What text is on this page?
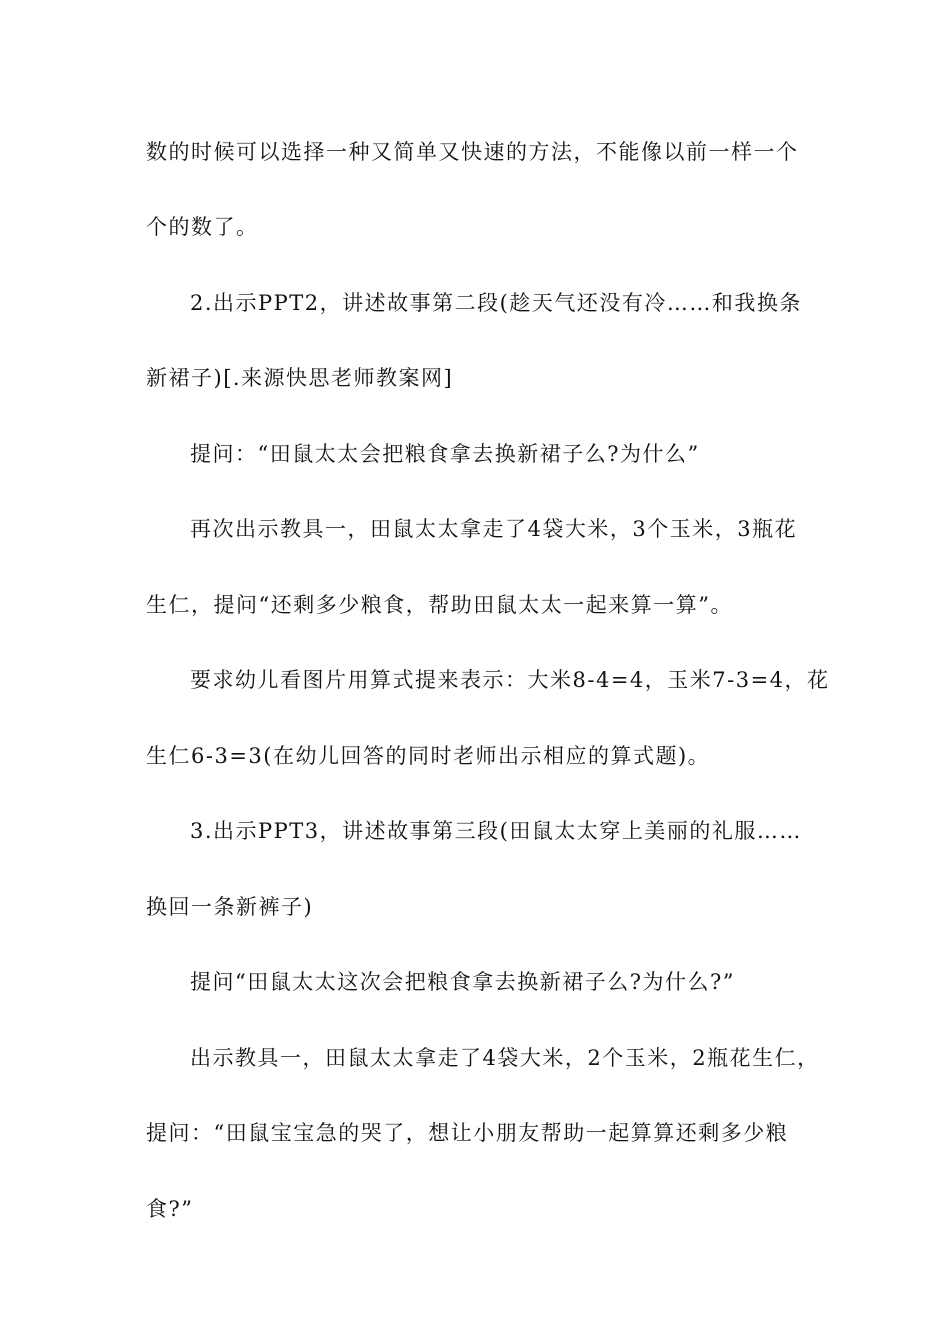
数的时候可以选择一种又简单又快速的方法，不能像以前一样一个
个的数了。
2.出示PPT2，讲述故事第二段(趁天气还没有冷……和我换条
新裙子)[.来源快思老师教案网]
提问：“田鼠太太会把粮食拿去换新裙子么?为什么”
再次出示教具一，田鼠太太拿走了4袋大米，3个玉米，3瓶花
生仁，提问“还剩多少粮食，帮助田鼠太太一起来算一算”。
要求幼儿看图片用算式提来表示：大米8-4=4，玉米7-3=4，花
生仁6-3=3(在幼儿回答的同时老师出示相应的算式题)。
3.出示PPT3，讲述故事第三段(田鼠太太穿上美丽的礼服……
换回一条新裤子)
提问“田鼠太太这次会把粮食拿去换新裙子么?为什么?”
出示教具一，田鼠太太拿走了4袋大米，2个玉米，2瓶花生仁，
提问：“田鼠宝宝急的哭了，想让小朋友帮助一起算算还剩多少粮
食?”
